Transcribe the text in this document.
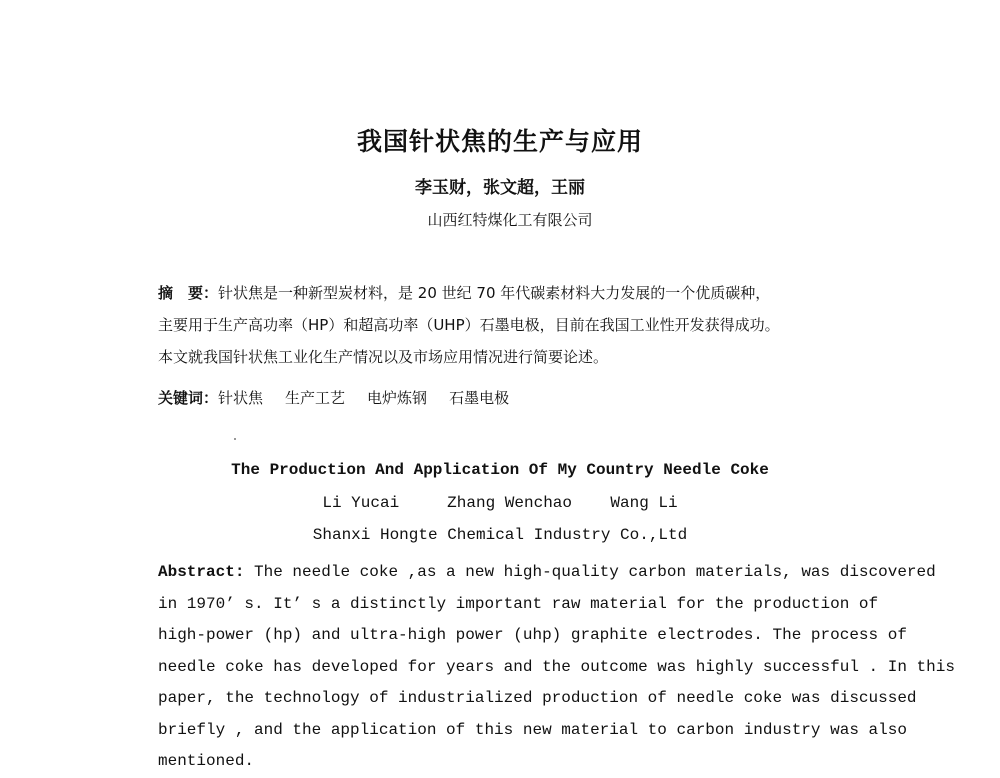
我国针状焦的生产与应用
李玉财，张文超，王丽
山西红特煤化工有限公司
摘　要：针状焦是一种新型炭材料，是 20 世纪 70 年代碳素材料大力发展的一个优质碳种，
主要用于生产高功率（HP）和超高功率（UHP）石墨电极，目前在我国工业性开发获得成功。
本文就我国针状焦工业化生产情况以及市场应用情况进行简要论述。
关键词：针状焦 生产工艺 电炉炼钢 石墨电极
The Production And Application Of My Country Needle Coke
Li Yucai     Zhang Wenchao    Wang Li
Shanxi Hongte Chemical Industry Co.,Ltd
Abstract: The needle coke ,as a new high-quality carbon materials, was discovered
in 1970’ s. It’ s a distinctly important raw material for the production of
high-power (hp) and ultra-high power (uhp) graphite electrodes. The process of
needle coke has developed for years and the outcome was highly successful . In this
paper, the technology of industrialized production of needle coke was discussed
briefly , and the application of this new material to carbon industry was also
mentioned.
